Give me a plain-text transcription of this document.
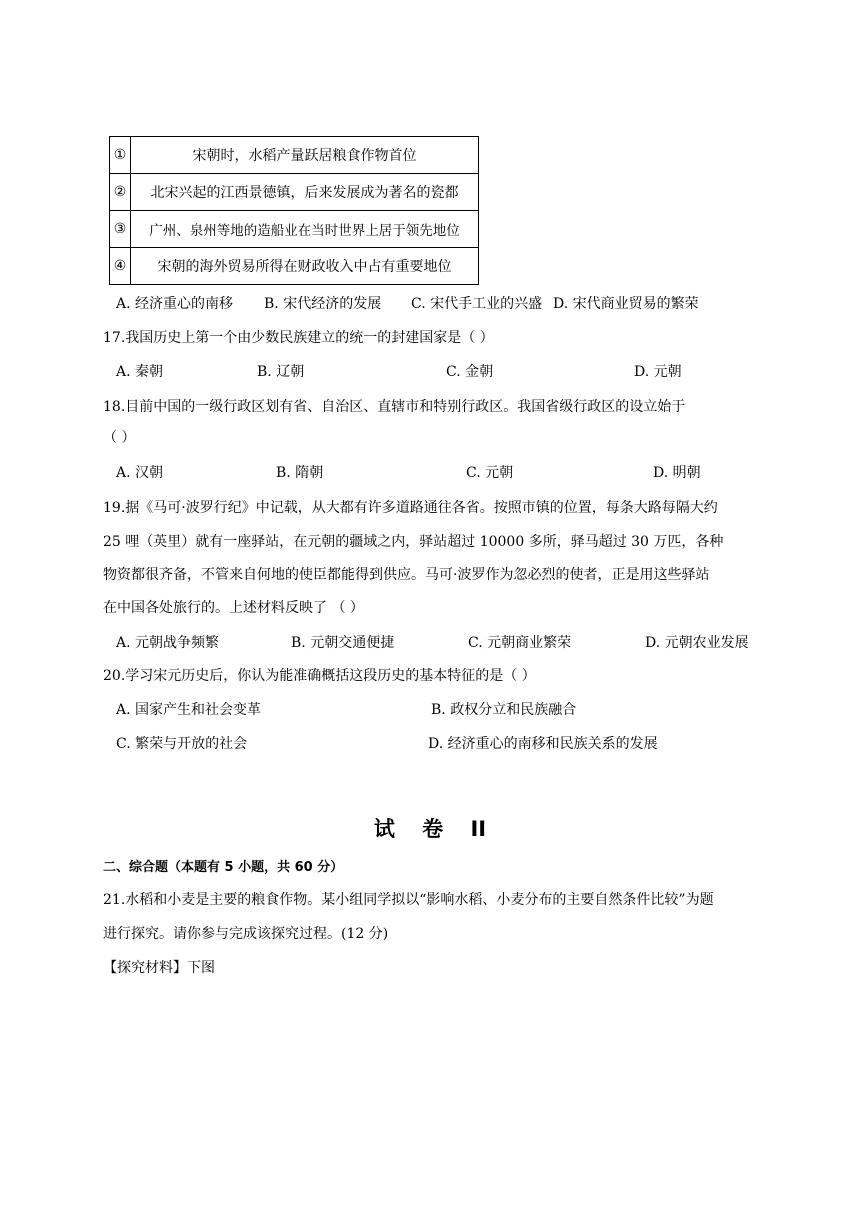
①	宋朝时，水稻产量跃居粮食作物首位
②	北宋兴起的江西景德镇，后来发展成为著名的瓷都
③	广州、泉州等地的造船业在当时世界上居于领先地位
④	宋朝的海外贸易所得在财政收入中占有重要地位
A. 经济重心的南移 B. 宋代经济的发展 C. 宋代手工业的兴盛 D. 宋代商业贸易的繁荣
17.我国历史上第一个由少数民族建立的统一的封建国家是（ ）
A. 秦朝	B. 辽朝	C. 金朝	D. 元朝
18.目前中国的一级行政区划有省、自治区、直辖市和特别行政区。我国省级行政区的设立始于
（ ）
A. 汉朝	B. 隋朝	C. 元朝	D. 明朝
19.据《马可·波罗行纪》中记载，从大都有许多道路通往各省。按照市镇的位置，每条大路每隔大约
25 哩（英里）就有一座驿站，在元朝的疆域之内，驿站超过 10000 多所，驿马超过 30 万匹，各种
物资都很齐备，不管来自何地的使臣都能得到供应。马可·波罗作为忽必烈的使者，正是用这些驿站
在中国各处旅行的。上述材料反映了 （ ）
A. 元朝战争频繁	B. 元朝交通便捷	C. 元朝商业繁荣	D. 元朝农业发展
20.学习宋元历史后，你认为能准确概括这段历史的基本特征的是（ ）
A. 国家产生和社会变革	B. 政权分立和民族融合
C. 繁荣与开放的社会	D. 经济重心的南移和民族关系的发展
试 卷 II
二、综合题（本题有 5 小题，共 60 分）
21.水稻和小麦是主要的粮食作物。某小组同学拟以“影响水稻、小麦分布的主要自然条件比较”为题
进行探究。请你参与完成该探究过程。(12 分)
【探究材料】下图
